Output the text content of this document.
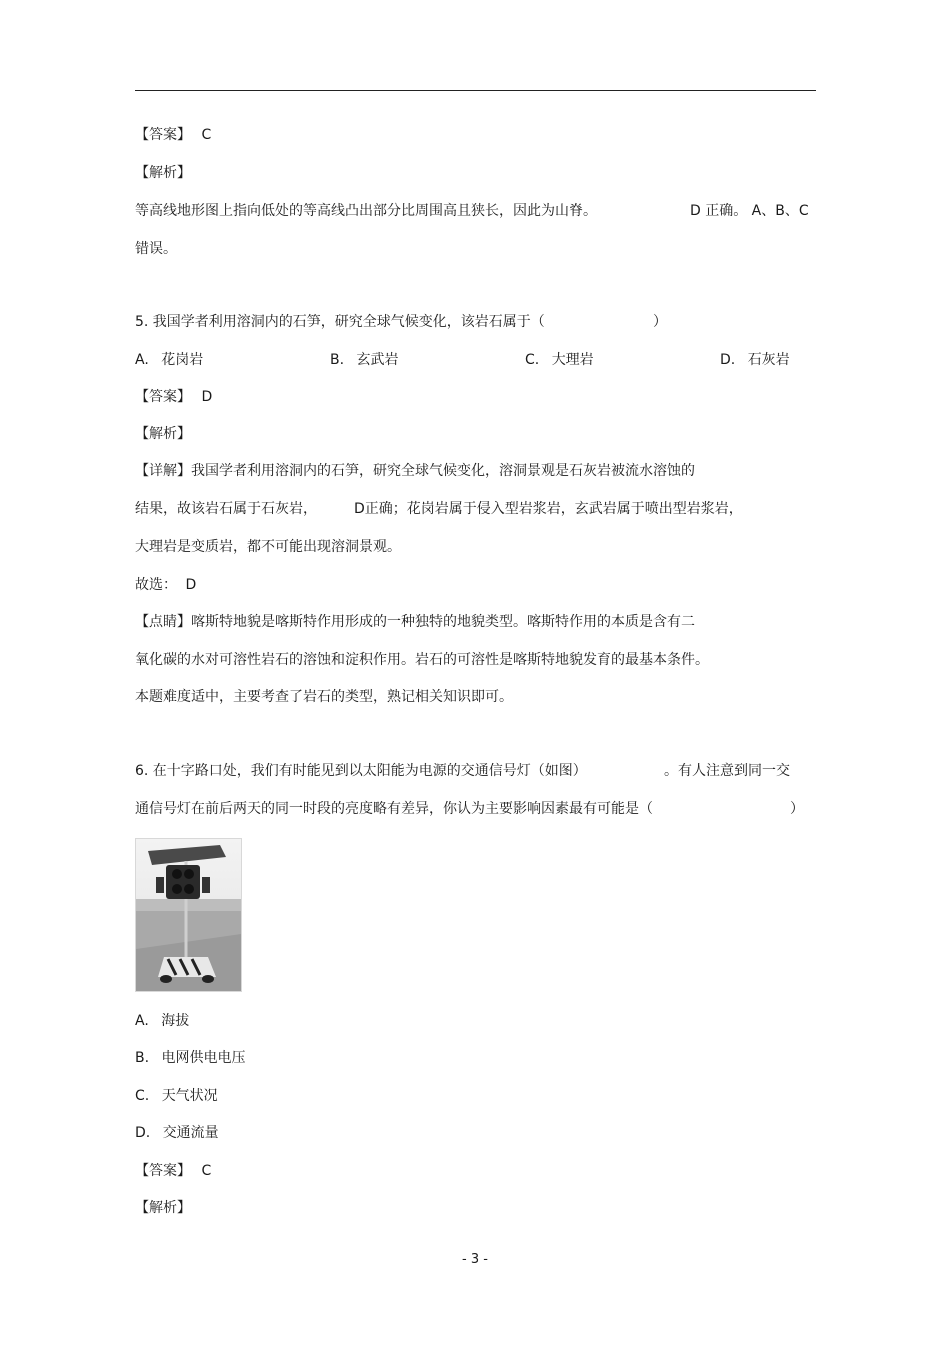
【答案】 C
【解析】
等高线地形图上指向低处的等高线凸出部分比周围高且狭长，因此为山脊。	D 正确。 A、B、C
错误。
5. 我国学者利用溶洞内的石笋，研究全球气候变化，该岩石属于（	）
A. 花岗岩	B. 玄武岩	C. 大理岩	D. 石灰岩
【答案】 D
【解析】
【详解】我国学者利用溶洞内的石笋，研究全球气候变化，溶洞景观是石灰岩被流水溶蚀的
结果，故该岩石属于石灰岩，	D正确；花岗岩属于侵入型岩浆岩，玄武岩属于喷出型岩浆岩，
大理岩是变质岩，都不可能出现溶洞景观。
故选： D
【点睛】喀斯特地貌是喀斯特作用形成的一种独特的地貌类型。喀斯特作用的本质是含有二
氧化碳的水对可溶性岩石的溶蚀和淀积作用。岩石的可溶性是喀斯特地貌发育的最基本条件。
本题难度适中，主要考查了岩石的类型，熟记相关知识即可。
6. 在十字路口处，我们有时能见到以太阳能为电源的交通信号灯（如图）	。有人注意到同一交
通信号灯在前后两天的同一时段的亮度略有差异，你认为主要影响因素最有可能是（	）
A. 海拔
B. 电网供电电压
C. 天气状况
D. 交通流量
【答案】 C
【解析】
- 3 -
